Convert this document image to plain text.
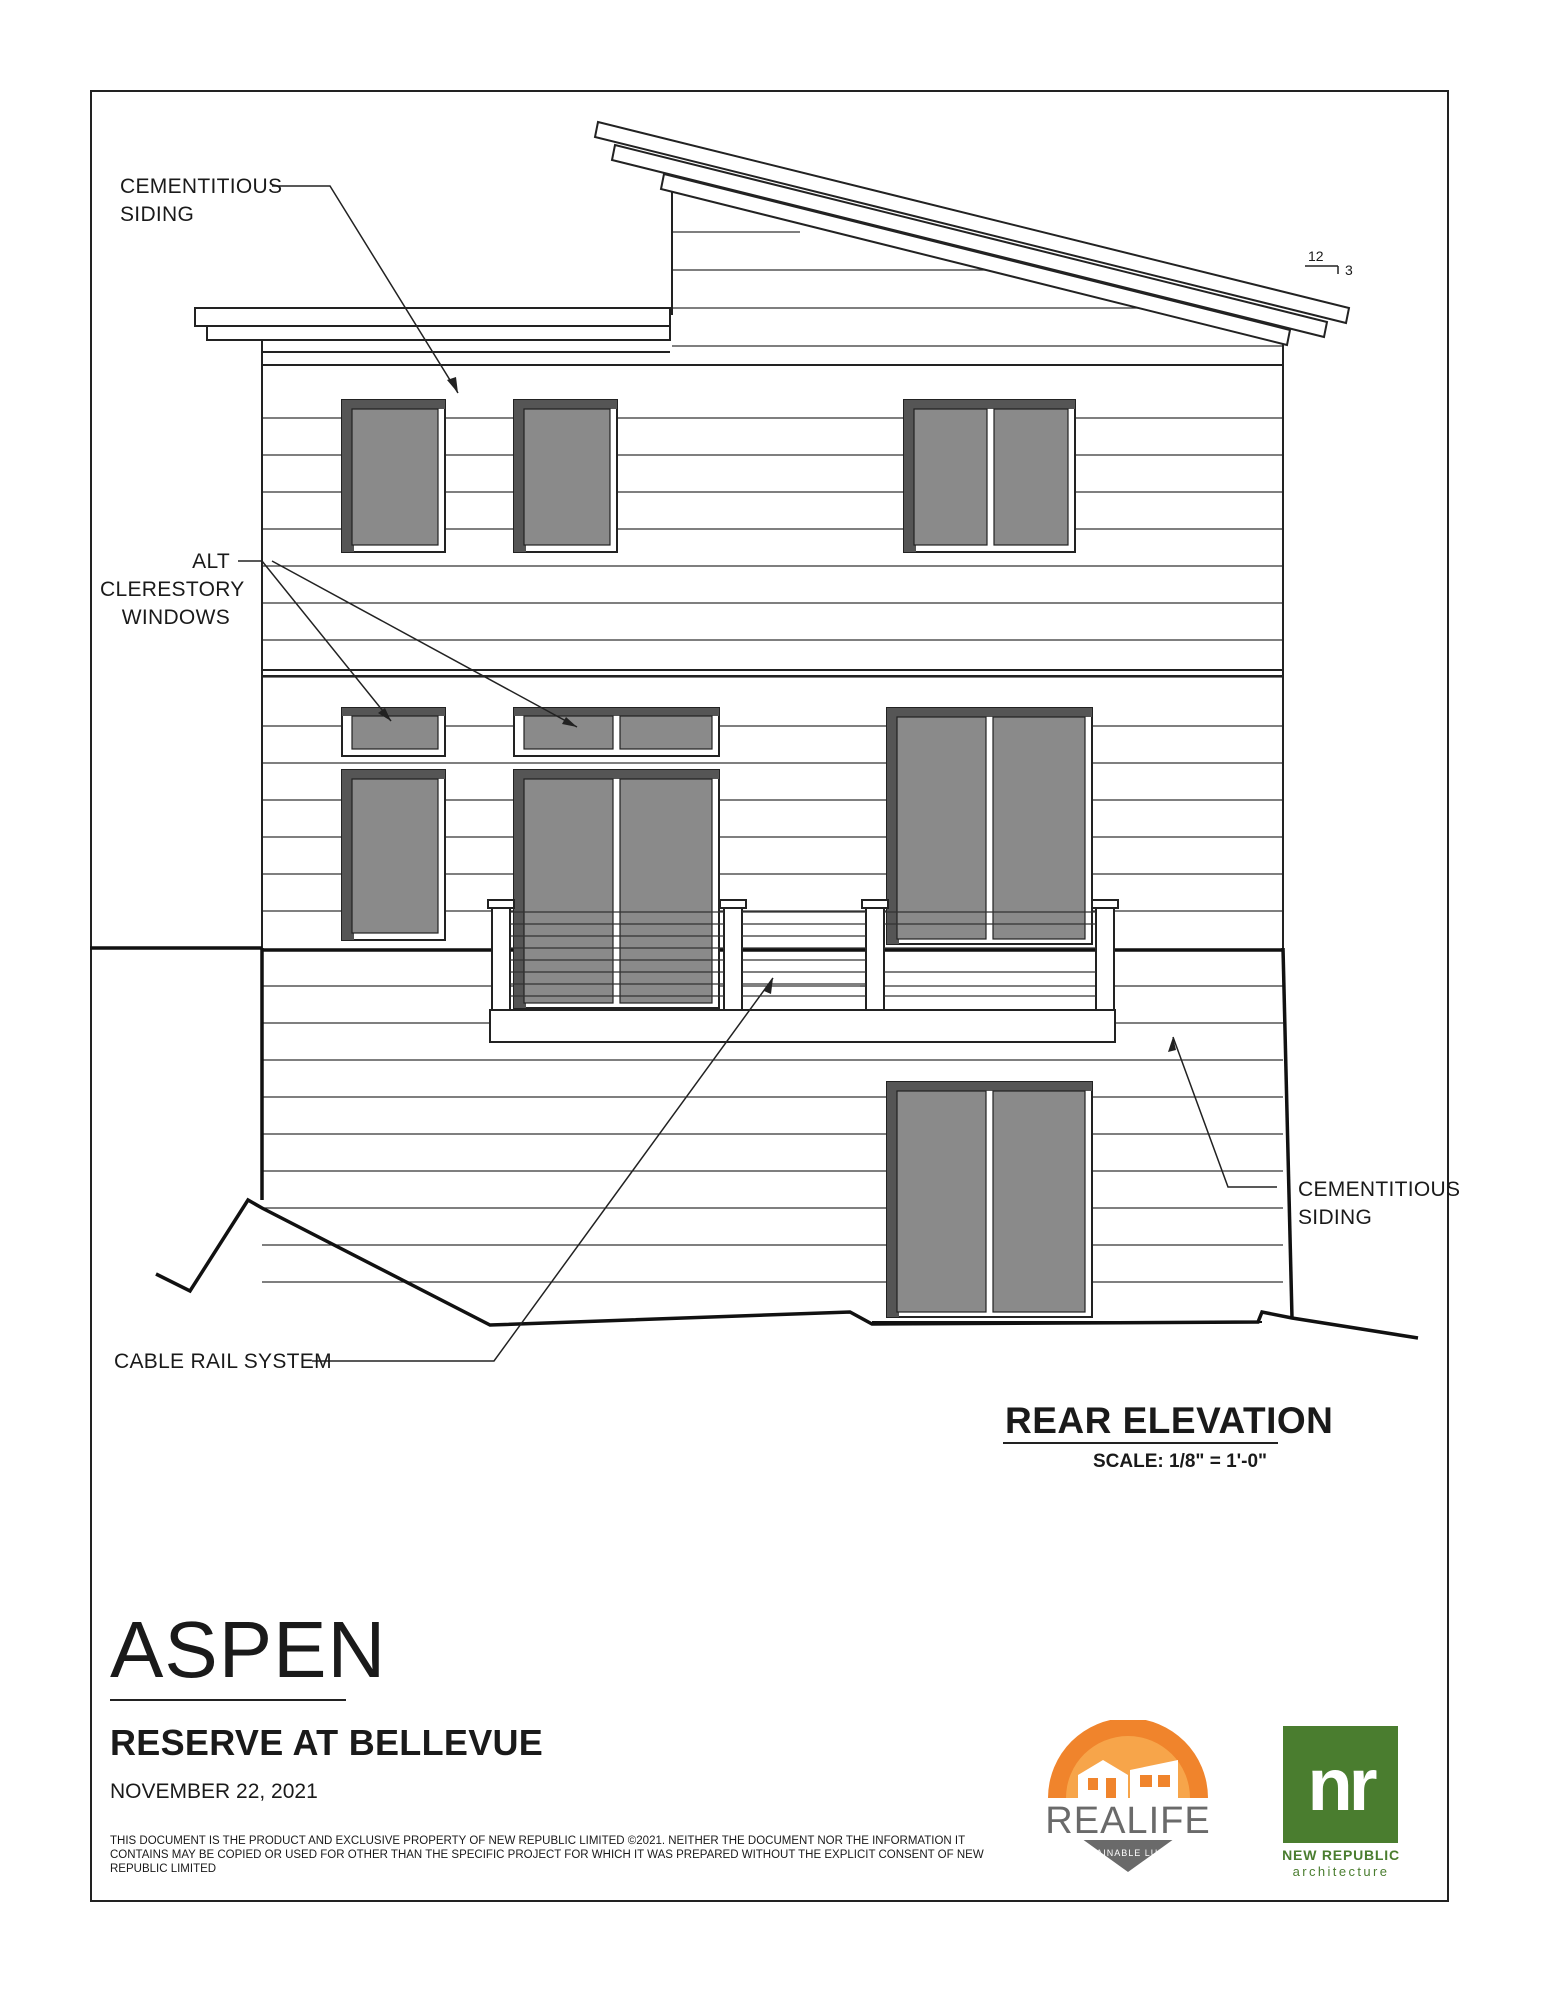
CEMENTITIOUS
SIDING
ALT
CLERESTORY
WINDOWS
CEMENTITIOUS
SIDING
CABLE RAIL SYSTEM
12
3
REAR ELEVATION
SCALE: 1/8" = 1'-0"
ASPEN
RESERVE AT BELLEVUE
NOVEMBER 22, 2021
THIS DOCUMENT IS THE PRODUCT AND EXCLUSIVE PROPERTY OF NEW REPUBLIC LIMITED ©2021. NEITHER THE DOCUMENT NOR THE INFORMATION IT CONTAINS MAY BE COPIED OR USED FOR OTHER THAN THE SPECIFIC PROJECT FOR WHICH IT WAS PREPARED WITHOUT THE EXPLICIT CONSENT OF NEW REPUBLIC LIMITED
REALIFE
SUSTAINABLE LUXURY
nr
NEW REPUBLIC
architecture
